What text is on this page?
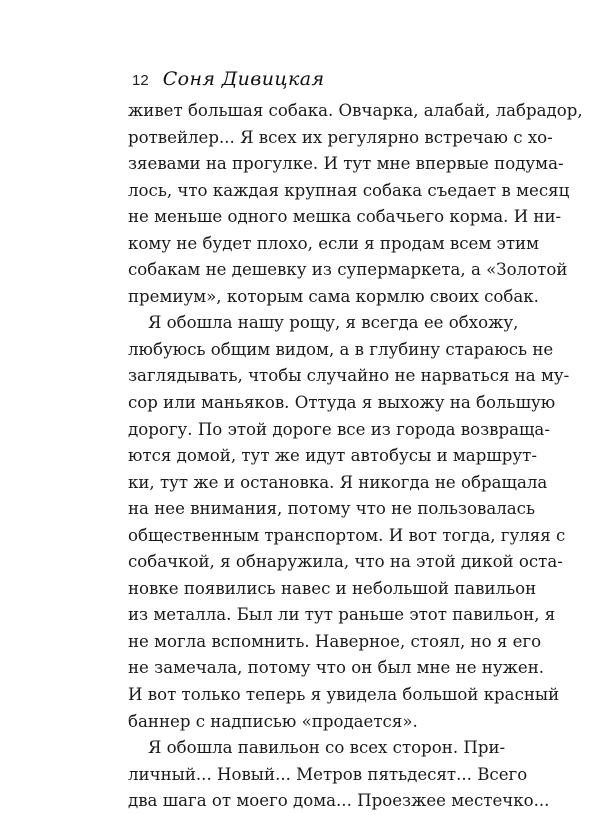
12 Соня Дивицкая
живет большая собака. Овчарка, алабай, лабрадор,
ротвейлер... Я всех их регулярно встречаю с хо-
зяевами на прогулке. И тут мне впервые подума-
лось, что каждая крупная собака съедает в месяц
не меньше одного мешка собачьего корма. И ни-
кому не будет плохо, если я продам всем этим
собакам не дешевку из супермаркета, а «Золотой
премиум», которым сама кормлю своих собак.
Я обошла нашу рощу, я всегда ее обхожу,
любуюсь общим видом, а в глубину стараюсь не
заглядывать, чтобы случайно не нарваться на му-
сор или маньяков. Оттуда я выхожу на большую
дорогу. По этой дороге все из города возвраща-
ются домой, тут же идут автобусы и маршрут-
ки, тут же и остановка. Я никогда не обращала
на нее внимания, потому что не пользовалась
общественным транспортом. И вот тогда, гуляя с
собачкой, я обнаружила, что на этой дикой оста-
новке появились навес и небольшой павильон
из металла. Был ли тут раньше этот павильон, я
не могла вспомнить. Наверное, стоял, но я его
не замечала, потому что он был мне не нужен.
И вот только теперь я увидела большой красный
баннер с надписью «продается».
Я обошла павильон со всех сторон. При-
личный... Новый... Метров пятьдесят... Всего
два шага от моего дома... Проезжее местечко...
